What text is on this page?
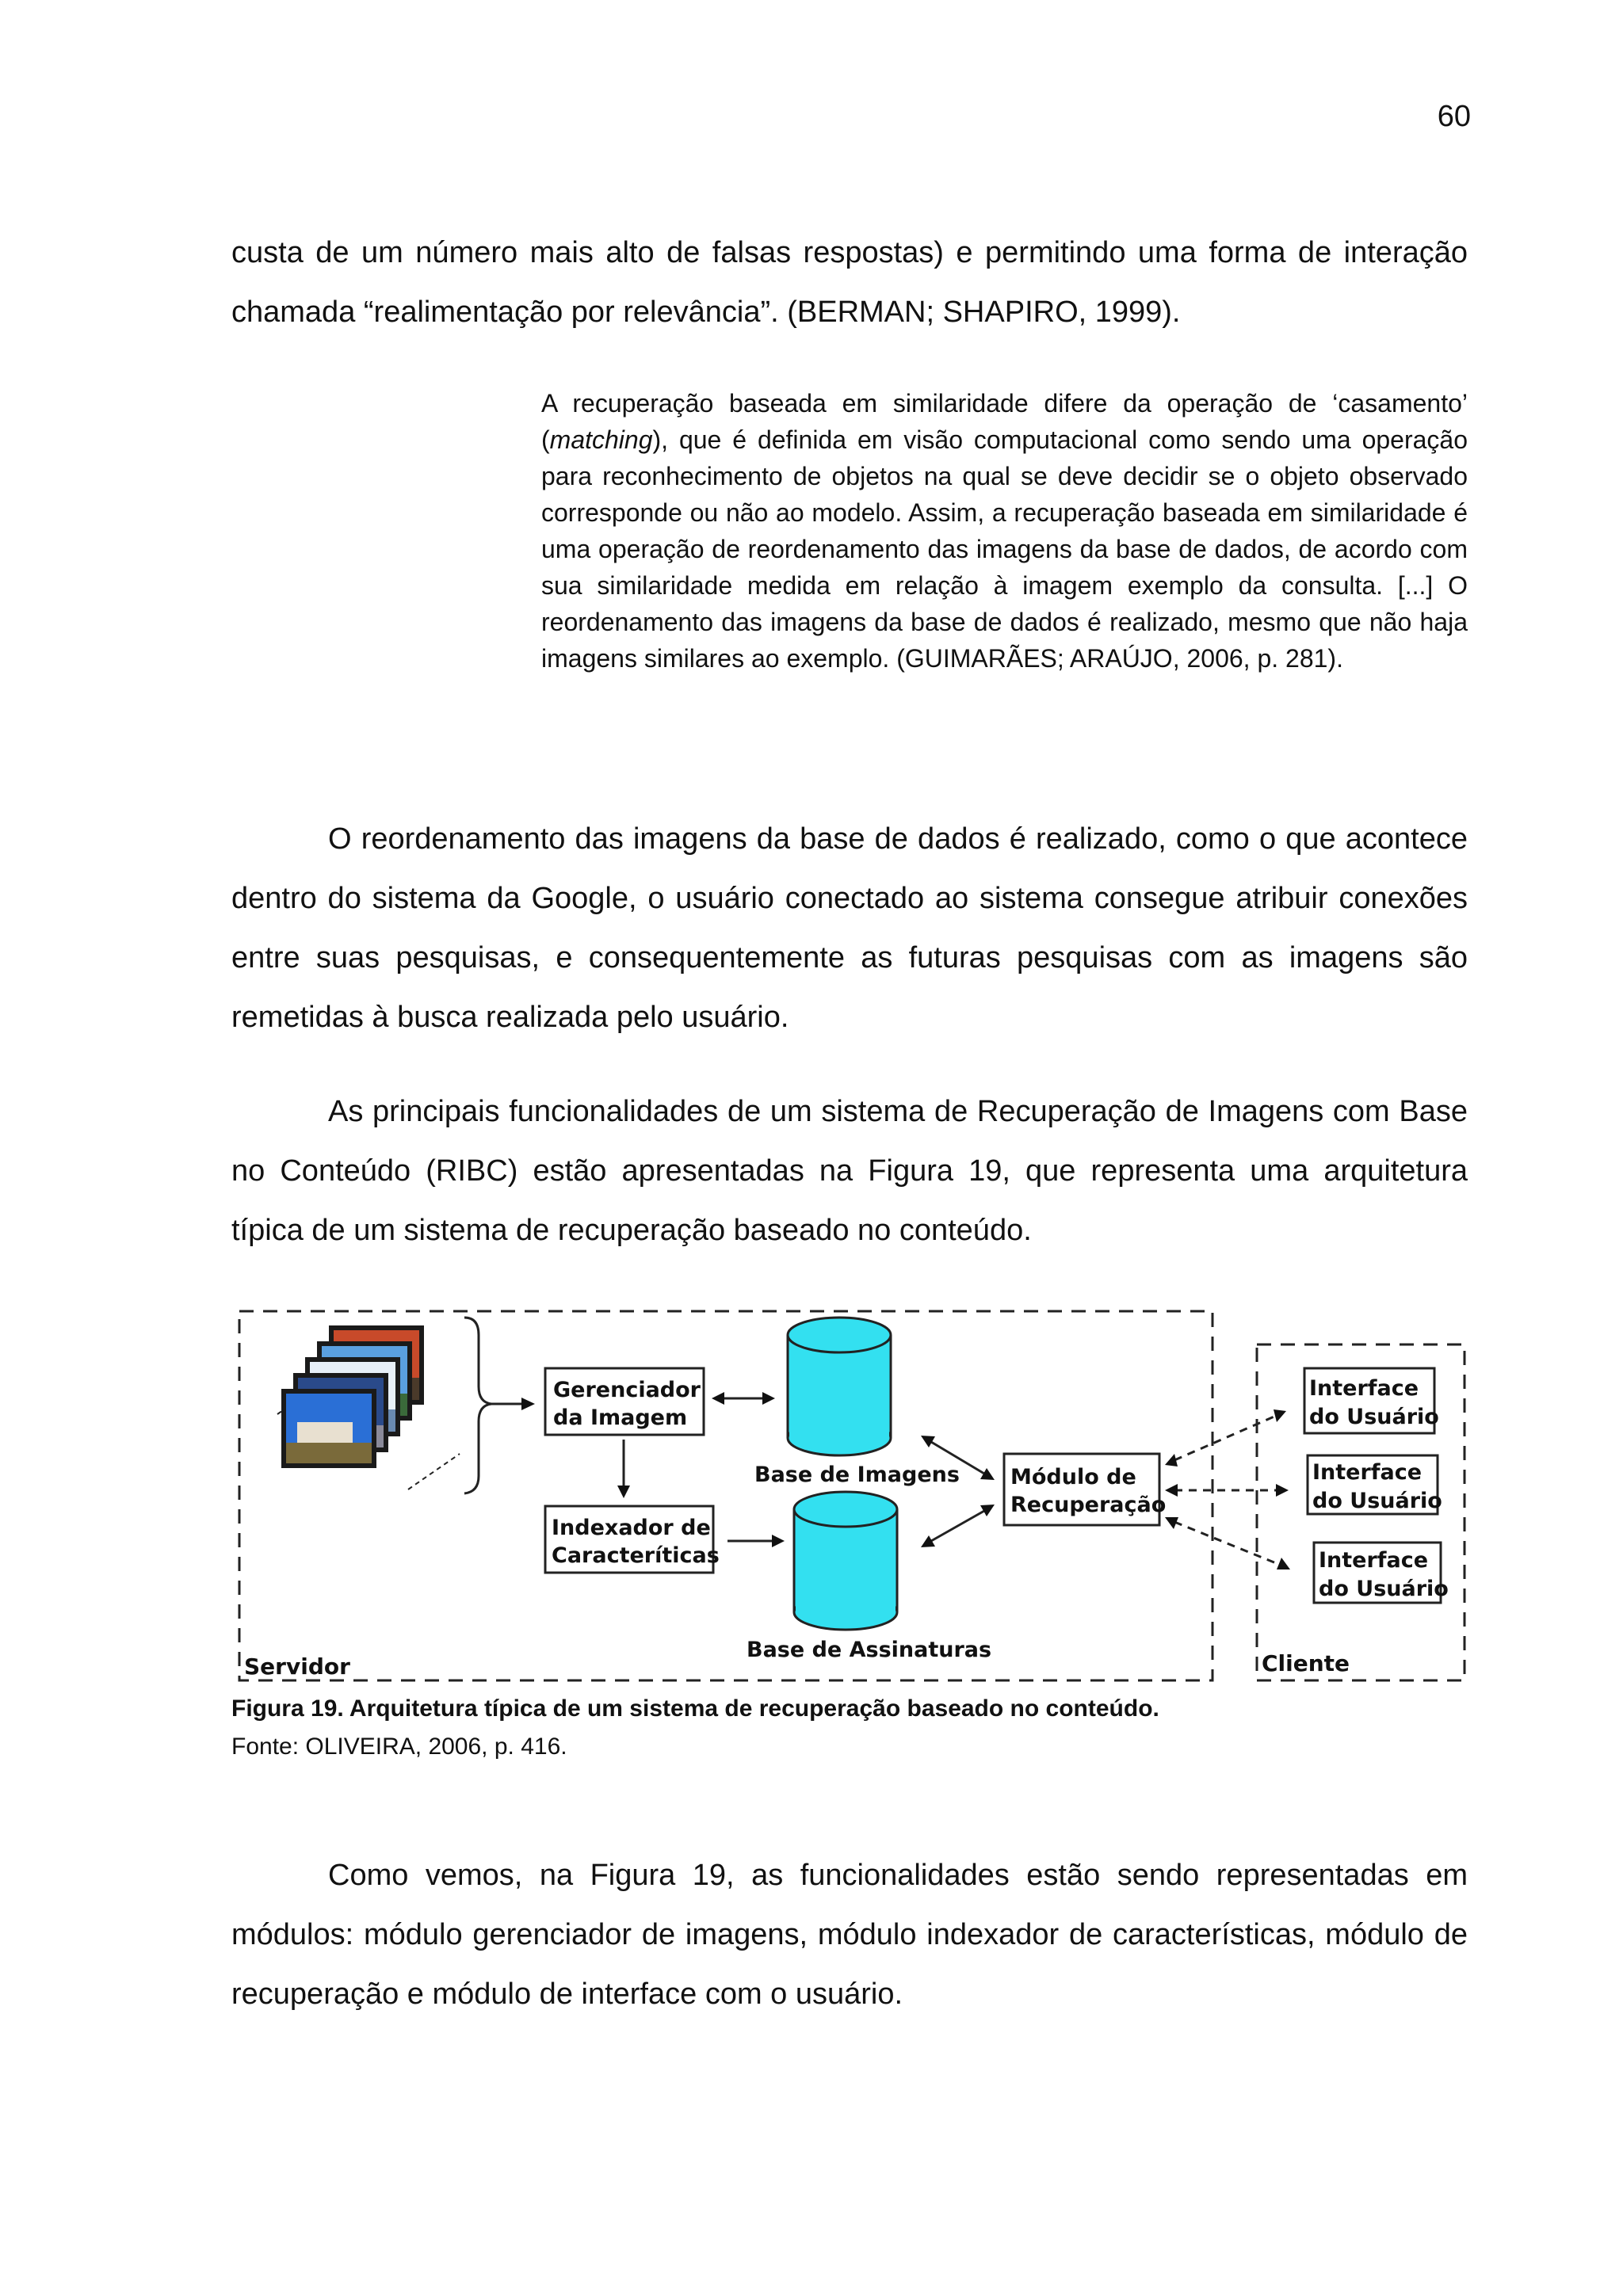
60

custa de um número mais alto de falsas respostas) e permitindo uma forma de interação chamada “realimentação por relevância”. (BERMAN; SHAPIRO, 1999).

A recuperação baseada em similaridade difere da operação de ‘casamento’ (matching), que é definida em visão computacional como sendo uma operação para reconhecimento de objetos na qual se deve decidir se o objeto observado corresponde ou não ao modelo. Assim, a recuperação baseada em similaridade é uma operação de reordenamento das imagens da base de dados, de acordo com sua similaridade medida em relação à imagem exemplo da consulta. [...] O reordenamento das imagens da base de dados é realizado, mesmo que não haja imagens similares ao exemplo. (GUIMARÃES; ARAÚJO, 2006, p. 281).

O reordenamento das imagens da base de dados é realizado, como o que acontece dentro do sistema da Google, o usuário conectado ao sistema consegue atribuir conexões entre suas pesquisas, e consequentemente as futuras pesquisas com as imagens são remetidas à busca realizada pelo usuário.

As principais funcionalidades de um sistema de Recuperação de Imagens com Base no Conteúdo (RIBC) estão apresentadas na Figura 19, que representa uma arquitetura típica de um sistema de recuperação baseado no conteúdo.

Gerenciador
da Imagem
Base de Imagens
Indexador de
Caracteríticas
Base de Assinaturas
Módulo de
Recuperação
Interface
do Usuário
Interface
do Usuário
Interface
do Usuário
Servidor	Cliente

Figura 19. Arquitetura típica de um sistema de recuperação baseado no conteúdo.

Fonte: OLIVEIRA, 2006, p. 416.

Como vemos, na Figura 19, as funcionalidades estão sendo representadas em módulos: módulo gerenciador de imagens, módulo indexador de características, módulo de recuperação e módulo de interface com o usuário.
